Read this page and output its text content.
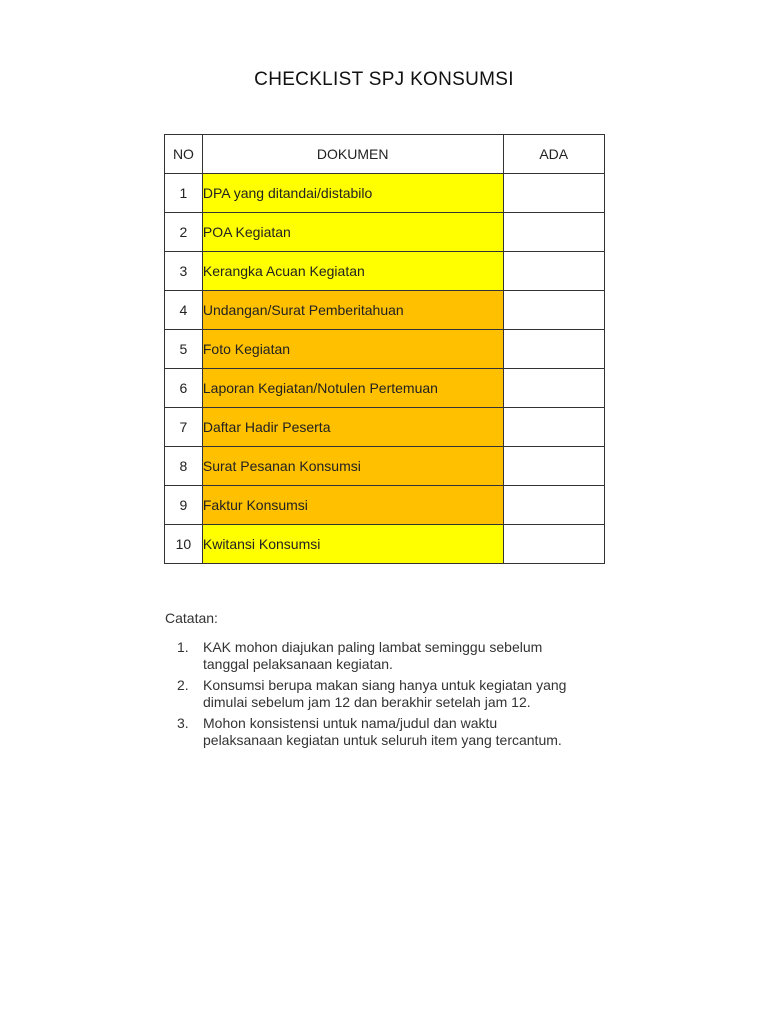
CHECKLIST SPJ KONSUMSI
NO	DOKUMEN	ADA
1	DPA yang ditandai/distabilo	
2	POA Kegiatan	
3	Kerangka Acuan Kegiatan	
4	Undangan/Surat Pemberitahuan	
5	Foto Kegiatan	
6	Laporan Kegiatan/Notulen Pertemuan	
7	Daftar Hadir Peserta	
8	Surat Pesanan Konsumsi	
9	Faktur Konsumsi	
10	Kwitansi Konsumsi	
Catatan:
1.	KAK mohon diajukan paling lambat seminggu sebelum
tanggal pelaksanaan kegiatan.
2.	Konsumsi berupa makan siang hanya untuk kegiatan yang
dimulai sebelum jam 12 dan berakhir setelah jam 12.
3.	Mohon konsistensi untuk nama/judul dan waktu
pelaksanaan kegiatan untuk seluruh item yang tercantum.
